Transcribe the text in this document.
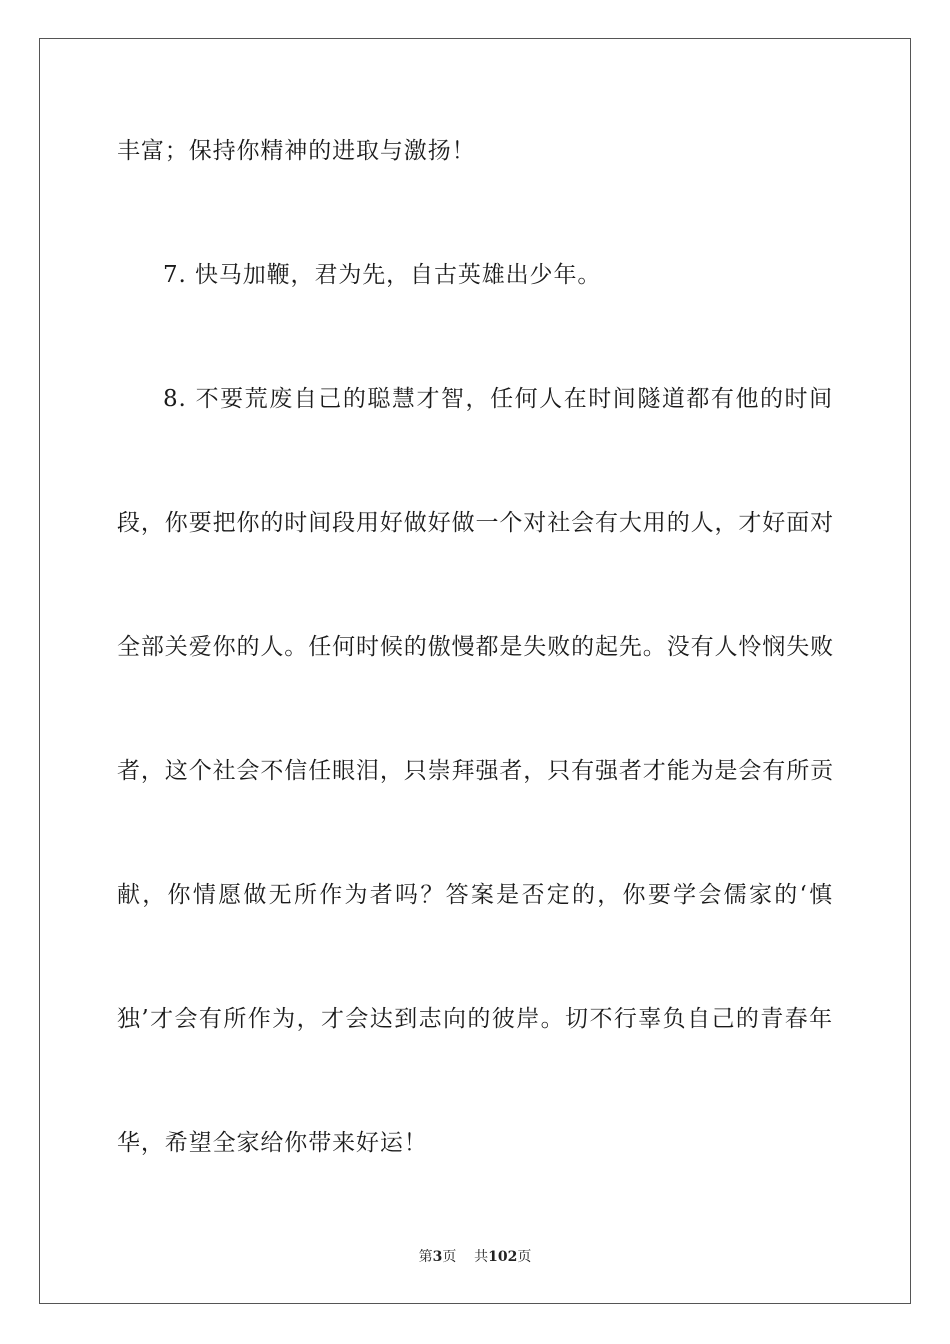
丰富；保持你精神的进取与激扬！
7. 快马加鞭，君为先，自古英雄出少年。
8. 不要荒废自己的聪慧才智，任何人在时间隧道都有他的时间
段，你要把你的时间段用好做好做一个对社会有大用的人，才好面对
全部关爱你的人。任何时候的傲慢都是失败的起先。没有人怜悯失败
者，这个社会不信任眼泪，只崇拜强者，只有强者才能为是会有所贡
献，你情愿做无所作为者吗？答案是否定的，你要学会儒家的‘慎
独’才会有所作为，才会达到志向的彼岸。切不行辜负自己的青春年
华，希望全家给你带来好运！
第3页 共102页
